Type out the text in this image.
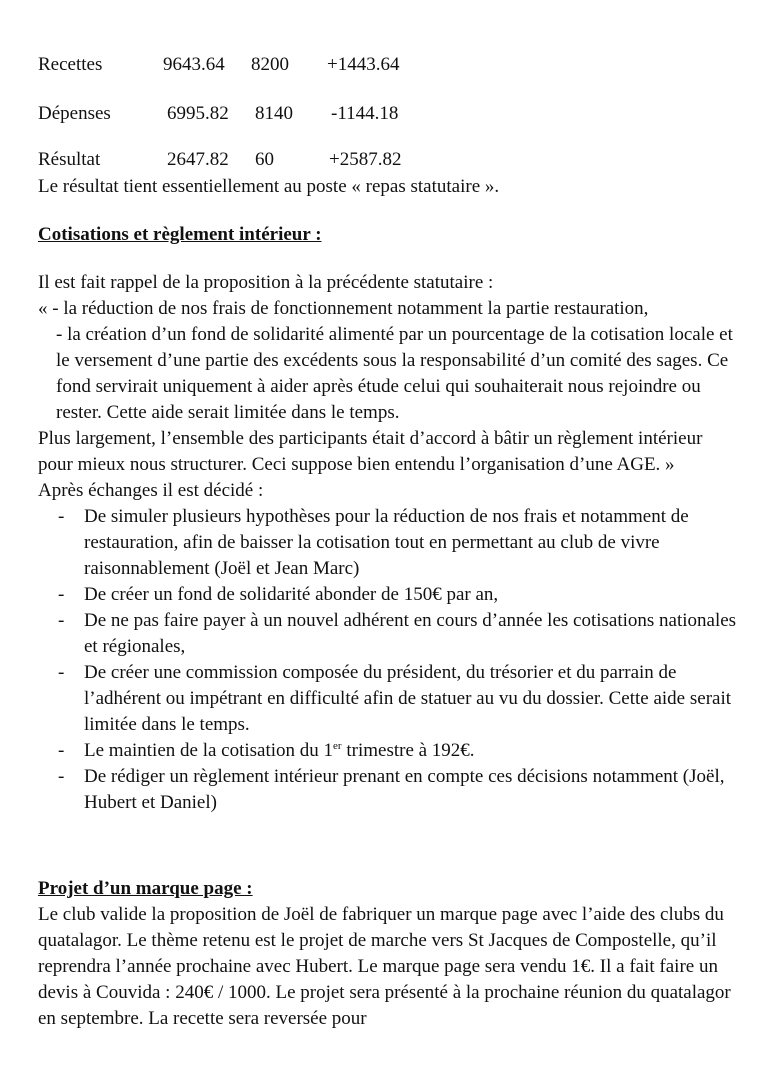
Recettes	9643.64 8200 +1443.64
Dépenses	6995.82 8140 -1144.18
Résultat	2647.82 60	+2587.82

Le résultat tient essentiellement au poste « repas statutaire ».

Cotisations et règlement intérieur :

Il est fait rappel de la proposition à la précédente statutaire :

« - la réduction de nos frais de fonctionnement notamment la partie restauration,

- la création d’un fond de solidarité alimenté par un pourcentage de la cotisation locale et le versement d’une partie des excédents sous la responsabilité d’un comité des sages. Ce fond servirait uniquement à aider après étude celui qui souhaiterait nous rejoindre ou rester. Cette aide serait limitée dans le temps.

Plus largement, l’ensemble des participants était d’accord à bâtir un règlement intérieur pour mieux nous structurer. Ceci suppose bien entendu l’organisation d’une AGE. »

Après échanges il est décidé :

- De simuler plusieurs hypothèses pour la réduction de nos frais et notamment de restauration, afin de baisser la cotisation tout en permettant au club de vivre raisonnablement (Joël et Jean Marc)
- De créer un fond de solidarité abonder de 150€ par an,
- De ne pas faire payer à un nouvel adhérent en cours d’année les cotisations nationales et régionales,
- De créer une commission composée du président, du trésorier et du parrain de l’adhérent ou impétrant en difficulté afin de statuer au vu du dossier. Cette aide serait limitée dans le temps.
- Le maintien de la cotisation du 1er trimestre à 192€.
- De rédiger un règlement intérieur prenant en compte ces décisions notamment (Joël, Hubert et Daniel)

Projet d’un marque page :

Le club valide la proposition de Joël de fabriquer un marque page avec l’aide des clubs du quatalagor. Le thème retenu est le projet de marche vers St Jacques de Compostelle, qu’il reprendra l’année prochaine avec Hubert. Le marque page sera vendu 1€. Il a fait faire un devis à Couvida : 240€ / 1000. Le projet sera présenté à la prochaine réunion du quatalagor en septembre. La recette sera reversée pour
